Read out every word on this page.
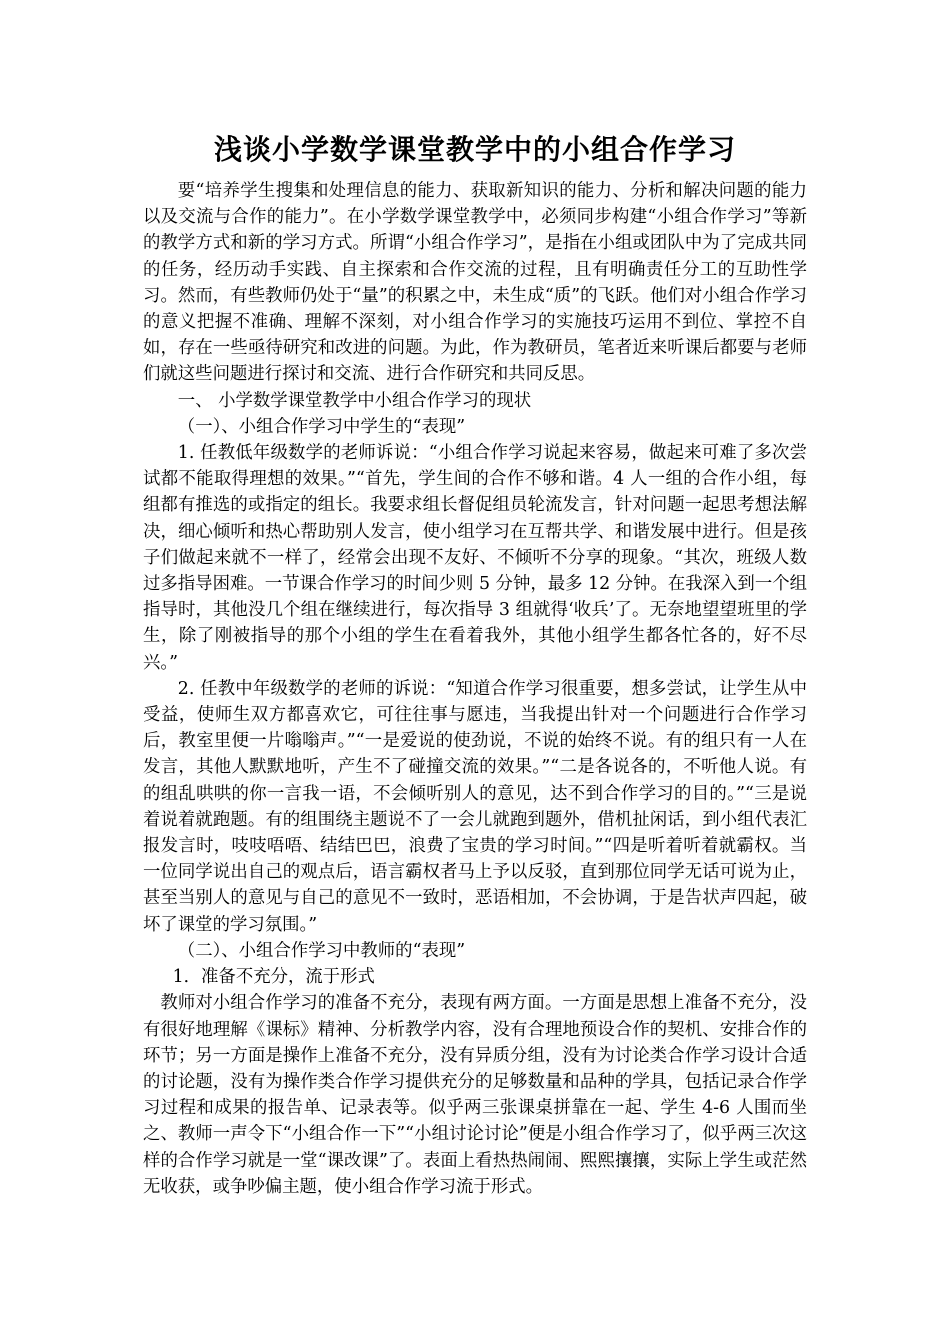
浅谈小学数学课堂教学中的小组合作学习

要“培养学生搜集和处理信息的能力、获取新知识的能力、分析和解决问题的能力以及交流与合作的能力”。在小学数学课堂教学中，必须同步构建“小组合作学习”等新的教学方式和新的学习方式。所谓“小组合作学习”，是指在小组或团队中为了完成共同的任务，经历动手实践、自主探索和合作交流的过程，且有明确责任分工的互助性学习。然而，有些教师仍处于“量”的积累之中，未生成“质”的飞跃。他们对小组合作学习的意义把握不准确、理解不深刻，对小组合作学习的实施技巧运用不到位、掌控不自如，存在一些亟待研究和改进的问题。为此，作为教研员，笔者近来听课后都要与老师们就这些问题进行探讨和交流、进行合作研究和共同反思。

一、 小学数学课堂教学中小组合作学习的现状

（一）、小组合作学习中学生的“表现”

1. 任教低年级数学的老师诉说：“小组合作学习说起来容易，做起来可难了多次尝试都不能取得理想的效果。”“首先，学生间的合作不够和谐。4 人一组的合作小组，每组都有推选的或指定的组长。我要求组长督促组员轮流发言，针对问题一起思考想法解决，细心倾听和热心帮助别人发言，使小组学习在互帮共学、和谐发展中进行。但是孩子们做起来就不一样了，经常会出现不友好、不倾听不分享的现象。“其次，班级人数过多指导困难。一节课合作学习的时间少则 5 分钟，最多 12 分钟。在我深入到一个组指导时，其他没几个组在继续进行，每次指导 3 组就得‘收兵’了。无奈地望望班里的学生，除了刚被指导的那个小组的学生在看着我外，其他小组学生都各忙各的，好不尽兴。”

2. 任教中年级数学的老师的诉说：“知道合作学习很重要，想多尝试，让学生从中受益，使师生双方都喜欢它，可往往事与愿违，当我提出针对一个问题进行合作学习后，教室里便一片嗡嗡声。”“一是爱说的使劲说，不说的始终不说。有的组只有一人在发言，其他人默默地听，产生不了碰撞交流的效果。”“二是各说各的，不听他人说。有的组乱哄哄的你一言我一语，不会倾听别人的意见，达不到合作学习的目的。”“三是说着说着就跑题。有的组围绕主题说不了一会儿就跑到题外，借机扯闲话，到小组代表汇报发言时，吱吱唔唔、结结巴巴，浪费了宝贵的学习时间。”“四是听着听着就霸权。当一位同学说出自己的观点后，语言霸权者马上予以反驳，直到那位同学无话可说为止，甚至当别人的意见与自己的意见不一致时，恶语相加，不会协调，于是告状声四起，破坏了课堂的学习氛围。”

（二）、小组合作学习中教师的“表现”

1．准备不充分，流于形式

教师对小组合作学习的准备不充分，表现有两方面。一方面是思想上准备不充分，没有很好地理解《课标》精神、分析教学内容，没有合理地预设合作的契机、安排合作的环节；另一方面是操作上准备不充分，没有异质分组，没有为讨论类合作学习设计合适的讨论题，没有为操作类合作学习提供充分的足够数量和品种的学具，包括记录合作学习过程和成果的报告单、记录表等。似乎两三张课桌拼靠在一起、学生 4-6 人围而坐之、教师一声令下“小组合作一下”“小组讨论讨论”便是小组合作学习了，似乎两三次这样的合作学习就是一堂“课改课”了。表面上看热热闹闹、熙熙攘攘，实际上学生或茫然无收获，或争吵偏主题，使小组合作学习流于形式。
